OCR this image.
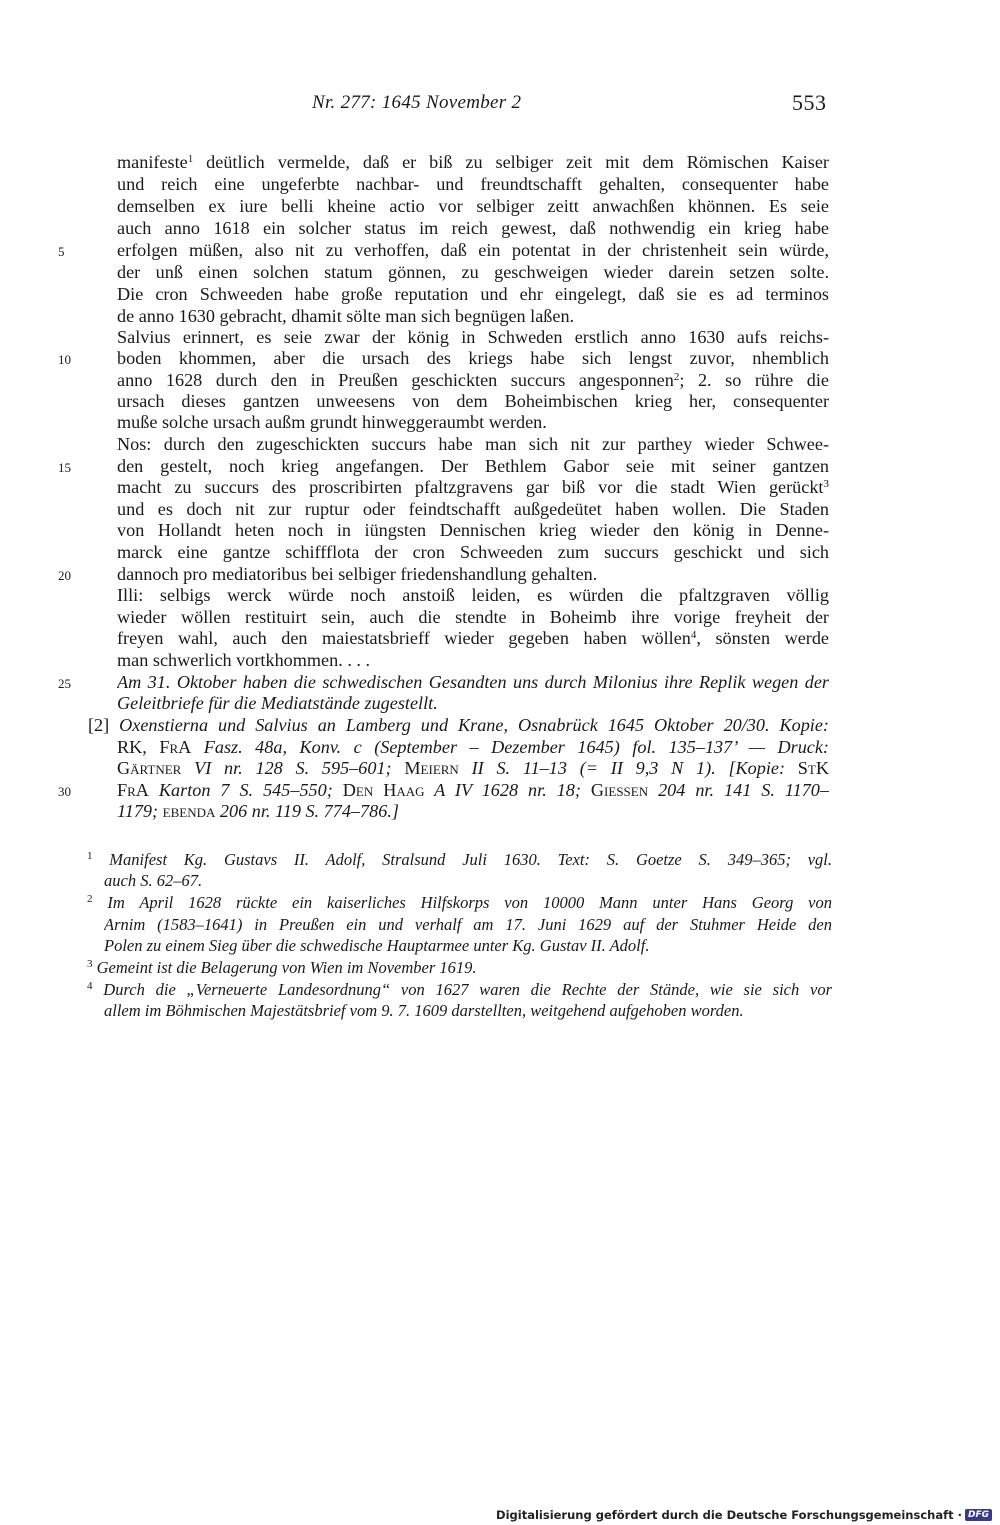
Nr. 277: 1645 November 2	553
5
10
15
20
25
30
manifeste$^1$ deütlich vermelde, daß er biß zu selbiger zeit mit dem Römischen Kaiser
und reich eine ungeferbte nachbar- und freundtschafft gehalten, consequenter habe
demselben ex iure belli kheine actio vor selbiger zeitt anwachßen khönnen. Es seie
auch anno 1618 ein solcher status im reich gewest, daß nothwendig ein krieg habe
erfolgen müßen, also nit zu verhoffen, daß ein potentat in der christenheit sein würde,
der unß einen solchen statum gönnen, zu geschweigen wieder darein setzen solte.
Die cron Schweeden habe große reputation und ehr eingelegt, daß sie es ad terminos
de anno 1630 gebracht, dhamit sölte man sich begnügen laßen.
Salvius erinnert, es seie zwar der könig in Schweden erstlich anno 1630 aufs reichs-
boden khommen, aber die ursach des kriegs habe sich lengst zuvor, nhemblich
anno 1628 durch den in Preußen geschickten succurs angesponnen$^2$; 2. so rühre die
ursach dieses gantzen unweesens von dem Boheimbischen krieg her, consequenter
muße solche ursach außm grundt hinweggeraumbt werden.
Nos: durch den zugeschickten succurs habe man sich nit zur parthey wieder Schwee-
den gestelt, noch krieg angefangen. Der Bethlem Gabor seie mit seiner gantzen
macht zu succurs des proscribirten pfaltzgravens gar biß vor die stadt Wien gerückt$^3$
und es doch nit zur ruptur oder feindtschafft außgedeütet haben wollen. Die Staden
von Hollandt heten noch in iüngsten Dennischen krieg wieder den könig in Denne-
marck eine gantze schiffflota der cron Schweeden zum succurs geschickt und sich
dannoch pro mediatoribus bei selbiger friedenshandlung gehalten.
Illi: selbigs werck würde noch anstoiß leiden, es würden die pfaltzgraven völlig
wieder wöllen restituirt sein, auch die stendte in Boheimb ihre vorige freyheit der
freyen wahl, auch den maiestatsbrieff wieder gegeben haben wöllen$^4$, sönsten werde
man schwerlich vortkhommen. . . .
Am 31. Oktober haben die schwedischen Gesandten uns durch Milonius ihre Replik wegen der
Geleitbriefe für die Mediatstände zugestellt.
[2] Oxenstierna und Salvius an Lamberg und Krane, Osnabrück 1645 Oktober 20/30. Kopie:
RK, FrA Fasz. 48a, Konv. c (September – Dezember 1645) fol. 135–137’ — Druck:
Gärtner VI nr. 128 S. 595–601; Meiern II S. 11–13 (= II 9,3 N 1). [Kopie: StK
FrA Karton 7 S. 545–550; Den Haag A IV 1628 nr. 18; Giessen 204 nr. 141 S. 1170–
1179; ebenda 206 nr. 119 S. 774–786.]
$^1$ Manifest Kg. Gustavs II. Adolf, Stralsund Juli 1630. Text: S. Goetze S. 349–365; vgl.
auch S. 62–67.
$^2$ Im April 1628 rückte ein kaiserliches Hilfskorps von 10000 Mann unter Hans Georg von
Arnim (1583–1641) in Preußen ein und verhalf am 17. Juni 1629 auf der Stuhmer Heide den
Polen zu einem Sieg über die schwedische Hauptarmee unter Kg. Gustav II. Adolf.
$^3$ Gemeint ist die Belagerung von Wien im November 1619.
$^4$ Durch die „Verneuerte Landesordnung“ von 1627 waren die Rechte der Stände, wie sie sich vor
allem im Böhmischen Majestätsbrief vom 9. 7. 1609 darstellten, weitgehend aufgehoben worden.
Digitalisierung gefördert durch die Deutsche Forschungsgemeinschaft · DFG
